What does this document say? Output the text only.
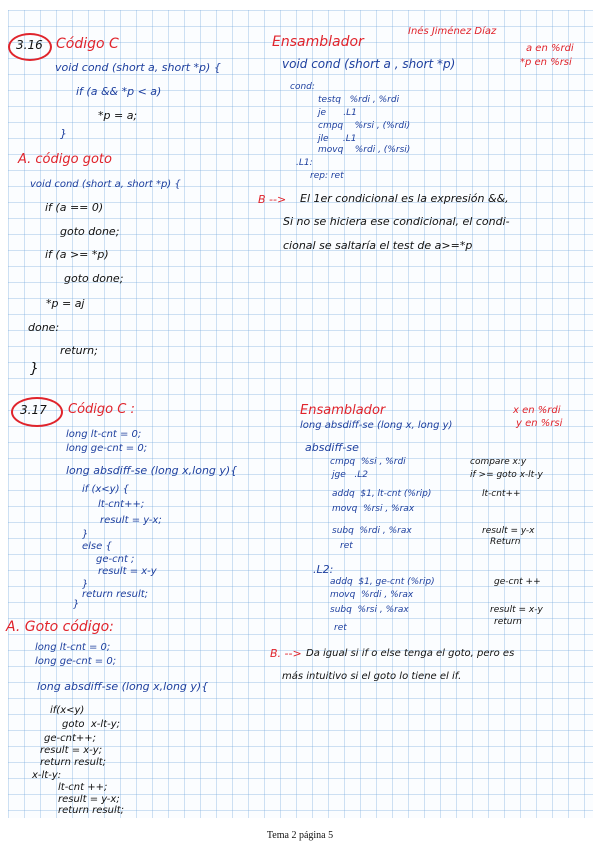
Inés Jiménez Díaz
3.16 Código C
void cond (short a, short *p) {
if (a && *p < a)
*p = a;
}
A. código goto
void cond (short a, short *p) {
if (a == 0)
goto done;
if (a >= *p)
goto done;
*p = aj
done:
return;
}
Ensamblador
void cond (short a , short *p)
a en %rdi
*p en %rsi
cond:
testq   %rdi , %rdi
je      .L1
cmpq    %rsi , (%rdi)
jle     .L1
movq    %rdi , (%rsi)
.L1:
rep: ret
B --> El 1er condicional es la expresión &&,
Si no se hiciera ese condicional, el condi-
cional se saltaría el test de a>=*p
3.17 Código C :
long lt-cnt = 0;
long ge-cnt = 0;
long absdiff-se (long x,long y){
if (x<y) {
lt-cnt++;
result = y-x;
}
else {
ge-cnt ;
result = x-y
}
return result;
}
A. Goto código:
long lt-cnt = 0;
long ge-cnt = 0;
long absdiff-se (long x,long y){
if(x<y)
goto  x-lt-y;
ge-cnt++;
result = x-y;
return result;
x-lt-y:
lt-cnt ++;
result = y-x;
return result;
Ensamblador
long absdiff-se (long x, long y)
x en %rdi
y en %rsi
absdiff-se
cmpq  %si , %rdi
jge   .L2
addq  $1, lt-cnt (%rip)
movq  %rsi , %rax
subq  %rdi , %rax
ret
compare x:y
if >= goto x-lt-y
lt-cnt++
result = y-x
Return
.L2:
addq  $1, ge-cnt (%rip)
movq  %rdi , %rax
subq  %rsi , %rax
ret
ge-cnt ++
result = x-y
return
B. --> Da igual si if o else tenga el goto, pero es
más intuitivo si el goto lo tiene el if.
Tema 2 página 5
